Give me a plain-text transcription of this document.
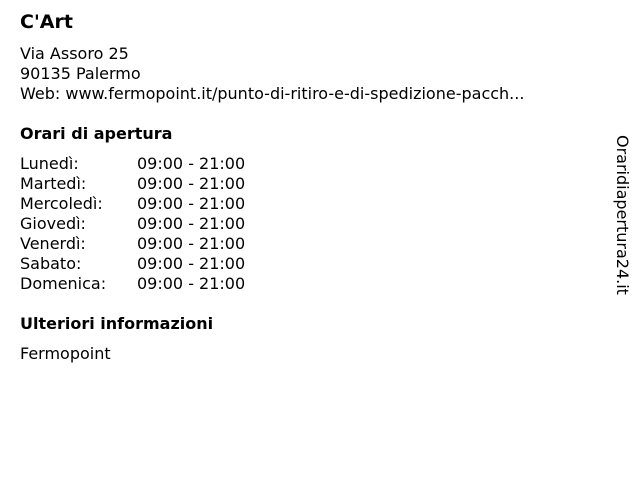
C'Art
Via Assoro 25
90135 Palermo
Web: www.fermopoint.it/punto-di-ritiro-e-di-spedizione-pacch...
Orari di apertura
Lunedì:	09:00 - 21:00
Martedì:	09:00 - 21:00
Mercoledì:	09:00 - 21:00
Giovedì:	09:00 - 21:00
Venerdì:	09:00 - 21:00
Sabato:	09:00 - 21:00
Domenica:	09:00 - 21:00
Ulteriori informazioni
Fermopoint
Oraridiapertura24.it
